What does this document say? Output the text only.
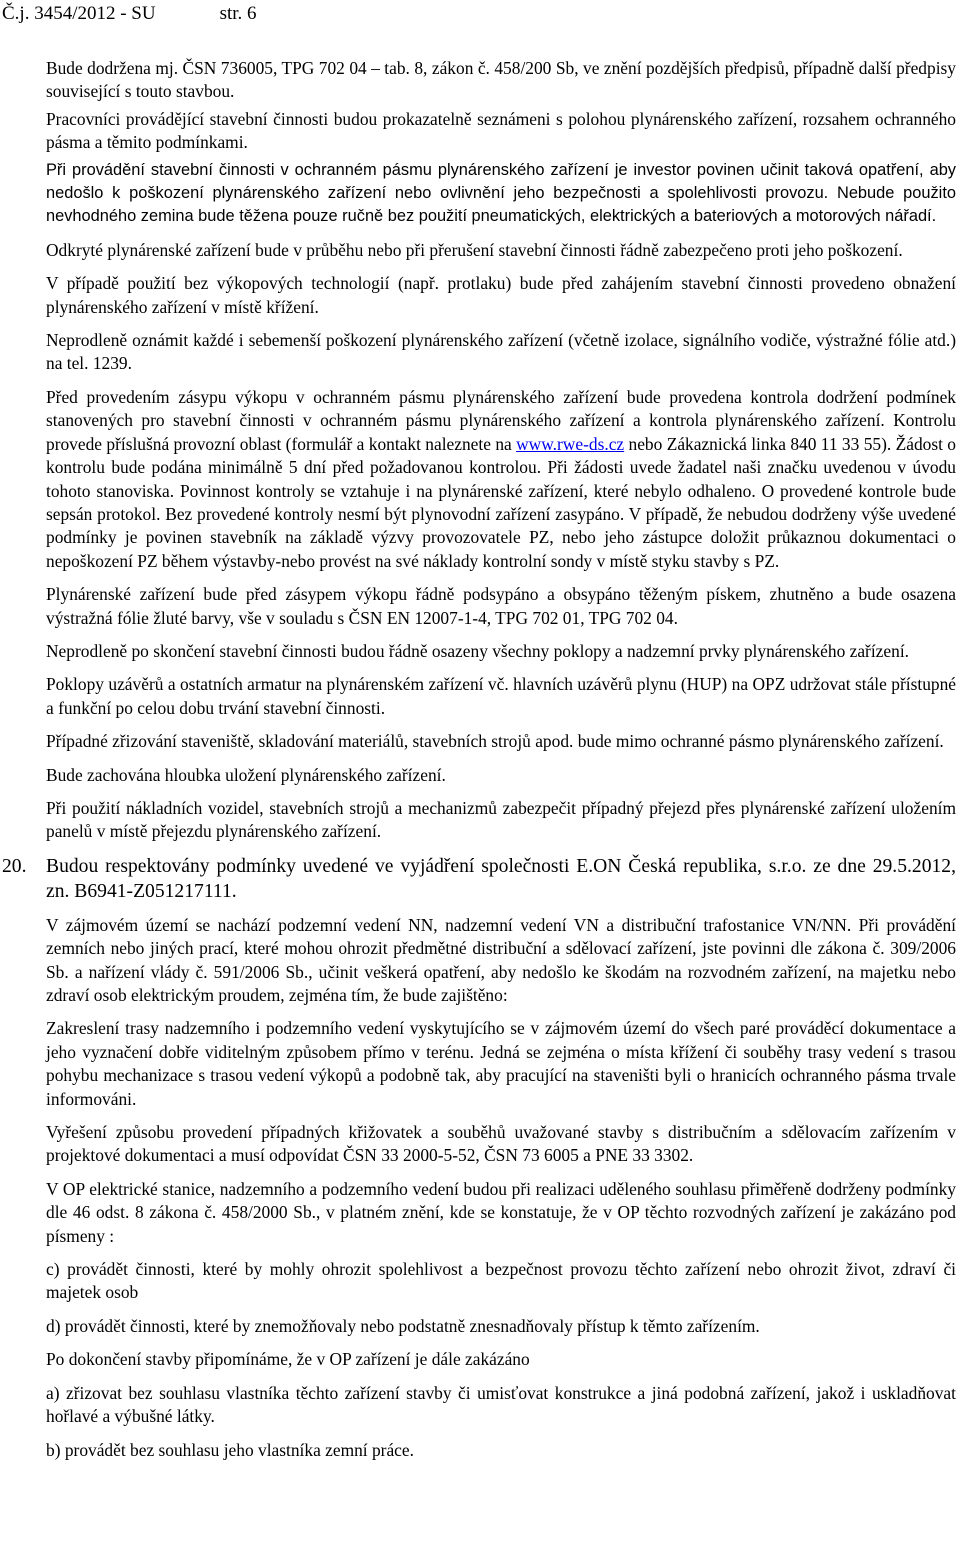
Č.j. 3454/2012 - SU	str. 6

Bude dodržena mj. ČSN 736005, TPG 702 04 – tab. 8, zákon č. 458/200 Sb, ve znění pozdějších předpisů, případně další předpisy související s touto stavbou.

Pracovníci provádějící stavební činnosti budou prokazatelně seznámeni s polohou plynárenského zařízení, rozsahem ochranného pásma a těmito podmínkami.

Při provádění stavební činnosti v ochranném pásmu plynárenského zařízení je investor povinen učinit taková opatření, aby nedošlo k poškození plynárenského zařízení nebo ovlivnění jeho bezpečnosti a spolehlivosti provozu. Nebude použito nevhodného zemina bude těžena pouze ručně bez použití pneumatických, elektrických a bateriových a motorových nářadí.

Odkryté plynárenské zařízení bude v průběhu nebo při přerušení stavební činnosti řádně zabezpečeno proti jeho poškození.

V případě použití bez výkopových technologií (např. protlaku) bude před zahájením stavební činnosti provedeno obnažení plynárenského zařízení v místě křížení.

Neprodleně oznámit každé i sebemenší poškození plynárenského zařízení (včetně izolace, signálního vodiče, výstražné fólie atd.) na tel. 1239.

Před provedením zásypu výkopu v ochranném pásmu plynárenského zařízení bude provedena kontrola dodržení podmínek stanovených pro stavební činnosti v ochranném pásmu plynárenského zařízení a kontrola plynárenského zařízení. Kontrolu provede příslušná provozní oblast (formulář a kontakt naleznete na www.rwe-ds.cz nebo Zákaznická linka 840 11 33 55). Žádost o kontrolu bude podána minimálně 5 dní před požadovanou kontrolou. Při žádosti uvede žadatel naši značku uvedenou v úvodu tohoto stanoviska. Povinnost kontroly se vztahuje i na plynárenské zařízení, které nebylo odhaleno. O provedené kontrole bude sepsán protokol. Bez provedené kontroly nesmí být plynovodní zařízení zasypáno. V případě, že nebudou dodrženy výše uvedené podmínky je povinen stavebník na základě výzvy provozovatele PZ, nebo jeho zástupce doložit průkaznou dokumentaci o nepoškození PZ během výstavby-nebo provést na své náklady kontrolní sondy v místě styku stavby s PZ.

Plynárenské zařízení bude před zásypem výkopu řádně podsypáno a obsypáno těženým pískem, zhutněno a bude osazena výstražná fólie žluté barvy, vše v souladu s ČSN EN 12007-1-4, TPG 702 01, TPG 702 04.

Neprodleně po skončení stavební činnosti budou řádně osazeny všechny poklopy a nadzemní prvky plynárenského zařízení.

Poklopy uzávěrů a ostatních armatur na plynárenském zařízení vč. hlavních uzávěrů plynu (HUP) na OPZ udržovat stále přístupné a funkční po celou dobu trvání stavební činnosti.

Případné zřizování staveniště, skladování materiálů, stavebních strojů apod. bude mimo ochranné pásmo plynárenského zařízení.

Bude zachována hloubka uložení plynárenského zařízení.

Při použití nákladních vozidel, stavebních strojů a mechanizmů zabezpečit případný přejezd přes plynárenské zařízení uložením panelů v místě přejezdu plynárenského zařízení.

20. Budou respektovány podmínky uvedené ve vyjádření společnosti E.ON Česká republika, s.r.o. ze dne 29.5.2012, zn. B6941-Z051217111.

V zájmovém území se nachází podzemní vedení NN, nadzemní vedení VN a distribuční trafostanice VN/NN. Při provádění zemních nebo jiných prací, které mohou ohrozit předmětné distribuční a sdělovací zařízení, jste povinni dle zákona č. 309/2006 Sb. a nařízení vlády č. 591/2006 Sb., učinit veškerá opatření, aby nedošlo ke škodám na rozvodném zařízení, na majetku nebo zdraví osob elektrickým proudem, zejména tím, že bude zajištěno:

Zakreslení trasy nadzemního i podzemního vedení vyskytujícího se v zájmovém území do všech paré prováděcí dokumentace a jeho vyznačení dobře viditelným způsobem přímo v terénu. Jedná se zejména o místa křížení či souběhy trasy vedení s trasou pohybu mechanizace s trasou vedení výkopů a podobně tak, aby pracující na staveništi byli o hranicích ochranného pásma trvale informováni.

Vyřešení způsobu provedení případných křižovatek a souběhů uvažované stavby s distribučním a sdělovacím zařízením v projektové dokumentaci a musí odpovídat ČSN 33 2000-5-52, ČSN 73 6005 a PNE 33 3302.

V OP elektrické stanice, nadzemního a podzemního vedení budou při realizaci uděleného souhlasu přiměřeně dodrženy podmínky dle 46 odst. 8 zákona č. 458/2000 Sb., v platném znění, kde se konstatuje, že v OP těchto rozvodných zařízení je zakázáno pod písmeny :

c) provádět činnosti, které by mohly ohrozit spolehlivost a bezpečnost provozu těchto zařízení nebo ohrozit život, zdraví či majetek osob

d) provádět činnosti, které by znemožňovaly nebo podstatně znesnadňovaly přístup k těmto zařízením.

Po dokončení stavby připomínáme, že v OP zařízení je dále zakázáno

a) zřizovat bez souhlasu vlastníka těchto zařízení stavby či umisťovat konstrukce a jiná podobná zařízení, jakož i uskladňovat hořlavé a výbušné látky.

b) provádět bez souhlasu jeho vlastníka zemní práce.
